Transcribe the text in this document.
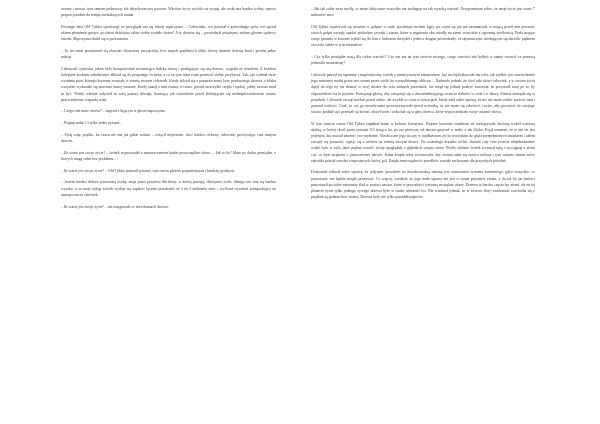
oceany i morza, tym samym podnosząc ich dotychczasowy poziom. Wkrótce życie wróciło na wyspę, ale rosła ona bardzo wolno, wprost proporcjonalnie do tempa zachodzących zmian.

Pewnego dnia Old Tjikko spostrzegł, że przygląda mu się młody mężczyzna. – Człowieku, coś powstał z gwiezdnego pyłu, coś ogrzał okiem płomienie gorące, po dzień dzisiejszy także ciebie wydało słońce! A ty dziwisz się – powiedział potężnym, niskim głosem sędziwy świerk. Mężczyzna skulił się w przerażeniu.

– To nie mnie powinieneś się obawiać dwunożny przyjacielu, lecz innych podobnych tobie, którzy dumnie dzierżą broń i prochu pełne naboje.

Ciekawość zjawiska, jakim było bezsprzecznie rozumiejące ludzką mowę i posługujące się nią drzewo, wygrała ze strachem. Z każdym kolejnym krokiem młodzieniec zbliżał się do potężnego świerka, a co za tym idzie rosła pewność siebie przybysza. Tak, już widział teraz wyraźnie pień, którego korzenie wrastały w ziemię niczym człowiek. Kiedy zbliżał się z pomarszczonej kory pradawnego drzewa, z bliska wszystko wydawało się znacznie mniej straszne. Kiedy stanął z nim twarzą w twarz, poczuł niezwykłe ciepło i spokój, jakby zawsze miał tu być. Wtedy właśnie usłyszał za sobą ponury dźwięk, brzmiący jak ostrzeżenie przed zbliżającym się niebezpieczeństwem czarny przywiedziony wzgardą wiatr.

– Czego ode mnie chcesz? – zapytał z bijącym w głosie mężczyzna.

– Pragnę zadać Ci tylko jedno pytanie…

– Pytaj więc prędko, bo czasu nie ma już gdzie szukać – wtrącił niepewnie, choć bardzo ciekawy człowiek, przerywając tym samym drzewu.

– Ile warte jest twoje życie? – świerk wypowiadał z namaszczeniem każde poszczególne słowo. – Jak to ile? Mam po dachu pieniądze, z których mogę sobie bez problemu...

– Ile warte jest twoje życie? – Old Tjikko ponowił pytanie, tym razem głosem potężniejszym i bardziej groźnym.

– Jestem bardzo dobrze sytuowaną osobą, moja praca przynosi dla firmy, w której pracuję, olbrzymie zyski, dlatego też ceni się bardzo wysoko, a za moje usługi świerk wydaje się zapłacić łącznie przedziale od 4 do 5 milionów euro – wyliczał wyraźnie podupadający na samopoczuciu człowiek.

– Ile warte jest twoje życie? – nie ustępowało w dociekaniach drzewo.

– Jak tak sobie teraz myślę, to może faktycznie wszystko nie zasługuje na tak wysoką wartość. Przypominam sobie, że moje życie jest warte 7 milionów euro.

Old Tjikko wpatrywał się uważnie w gałęzie w rude, porośnięte mchem kępy, po czym się już nie zastanawiał, a stojącą przed nim pewność swoich gałęzi zaczęły spadać podwójne szyszki i ziarna, które w mgnieniu oka osiadły na ziemi wszystkie z ogromną wielkością. Ptaki mające swoje gniazda w koronie wybili się do lotu z furkotem skrzydeł i jeden z drugim powiedziały, że tajemniczym, niedającym się określić pięknem otoczyły siebie w tym momencie.

– Czy tylko pieniądze mają dla ciebie wartość? Czy nie ma na tym świecie niczego, czego wartości nie byłbyś w stanie wyrazić za pomocą jednostki monetarnej?

Człowiek patrzył na ogromny i majestatyczny świerk z nieukrywanym zdumieniem. Już trochę brakowało mu tchu, tak wielkie jest zawstydzenie jego misternej maski przez ten ostatni przez wiele lat wyrzeźbionego oblicza. – Nadeszło jednak, że choć taki dziwi człowiek, a w swoim życiu dążył do tego by nie doznać w swej drodze do celu żadnych przeszkód, nie mógł się jednak pozbyć wrażenia, że przyszedł tutaj po to, by odpowiedzieć na to pytanie. Potrząsnął głową, aby otrząsnąć się z obezwładniającego uczucia słabości w ciele i w duszy. Ziemia zatrzęsła się w posadach. Człowiek zaczął uciekać przed siebie, ale zwykłe to cytat w sytuacjach, kiedy zdał sobie sprawę, że nic nie może zrobić przeciw nim i przestał walczyć. Czuł, że coś go nieuchronnie powstrzymywało przed ucieczką, że nie może się odwrócić i uciec, aby powrócić do swojego świata, poddał się i przestał się bronić, złożył broń i wsłuchał się w głos drzewa, które wypowiedziało swoje ostatnie słowa.

W tym samym czasie Old Tjikko zapłakał łzami w kolorze bursztynu. Potężne korzenie ostatkiem sił rozkopywały ułożoną wokół warstwę skalną, w której tkwił przez ostatnie 9,5 tysiąca lat, po raz pierwszy od dawna spojrzał w niebo z tak bliska. Pojął zarazem, że to nie on jest jedynym, kto musiał zmienić swe myślenie. Niezliczone jego siostry w najdłuższym życiu wszystkim do głębi przepełnionych smutkiem i żalem zaczęły się poruszać, sypiąc się z niebios na ziemię niczym deszcz. Do ostatniego kształtu roślin, chociaż cały czas jeszcze niejednokrotnie widać było w nich, jakie piękno stracili, wciąż spoglądały z głębokich wnętrz ziemi. Wtedy właśnie świerk wysunął rękę i wyciągnął z ziemi coś, co było strąkiem o jasnozielonej barwie. Jedna kropla soku wystarczyła, aby ziemia stała się znowu zielona i tym samym ziemia znów zakwitła pośród szeroko rozpostartych lasów, pól. Dzięki temu mądrości przodków zostały zachowane dla przyszłych pokoleń.

Doskonale zdawał sobie sprawę, że jedynym sposobem na nieodwracalną zmianę jest zniszczenie systemu korzennego, gdyż wszystko, co pozostanie, nie będzie mogło przetrwać. Co więcej, wiedział, że jego mała sprawa nie jest w stanie przynieść zmian, a chciał, by po śmierci pozostawił po sobie niezatarty ślad w postaci nasion, które w przyszłości wyrosną na piękne okazy. Drzewa to bardzo często łzy ziemi, ale na tej planecie życie tylko jednego żywego drzewa było w stanie odmienić los. Nie wiedział jednak, że w świecie flory wiadomość rozchodzi się z prędkością podmuchów wiatru. Drzewa były nie tylko ponaddźwiękowe.
